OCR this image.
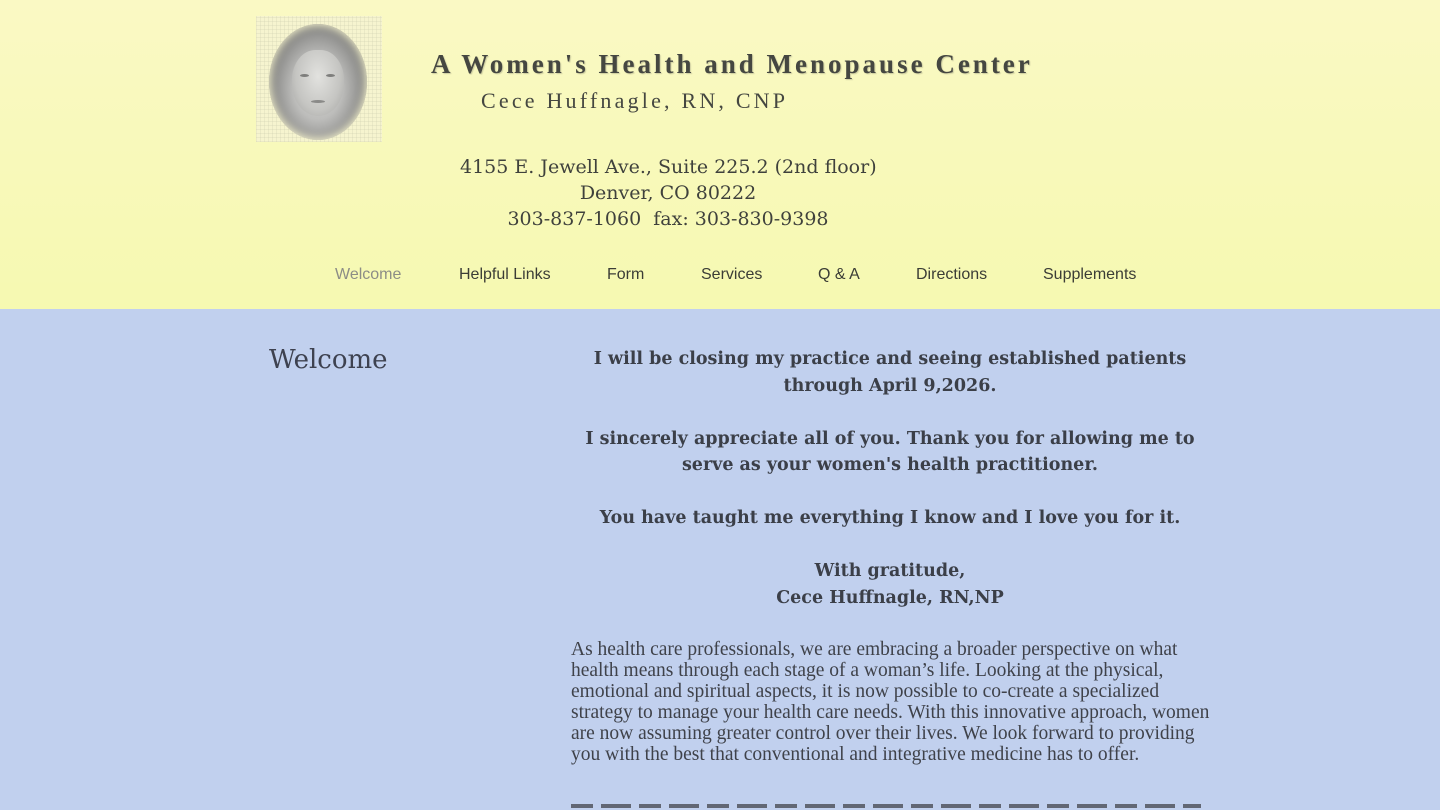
A Women's Health and Menopause Center
Cece Huffnagle, RN, CNP
4155 E. Jewell Ave., Suite 225.2 (2nd floor)
Denver, CO 80222
303-837-1060  fax: 303-830-9398
Welcome	Helpful Links	Form	Services	Q & A	Directions	Supplements
Welcome	I will be closing my practice and seeing established patients through April 9,2026.

I sincerely appreciate all of you. Thank you for allowing me to serve as your women's health practitioner.

You have taught me everything I know and I love you for it.

With gratitude,
Cece Huffnagle, RN,NP

As health care professionals, we are embracing a broader perspective on what health means through each stage of a woman’s life. Looking at the physical, emotional and spiritual aspects, it is now possible to co-create a specialized strategy to manage your health care needs. With this innovative approach, women are now assuming greater control over their lives. We look forward to providing you with the best that conventional and integrative medicine has to offer.
